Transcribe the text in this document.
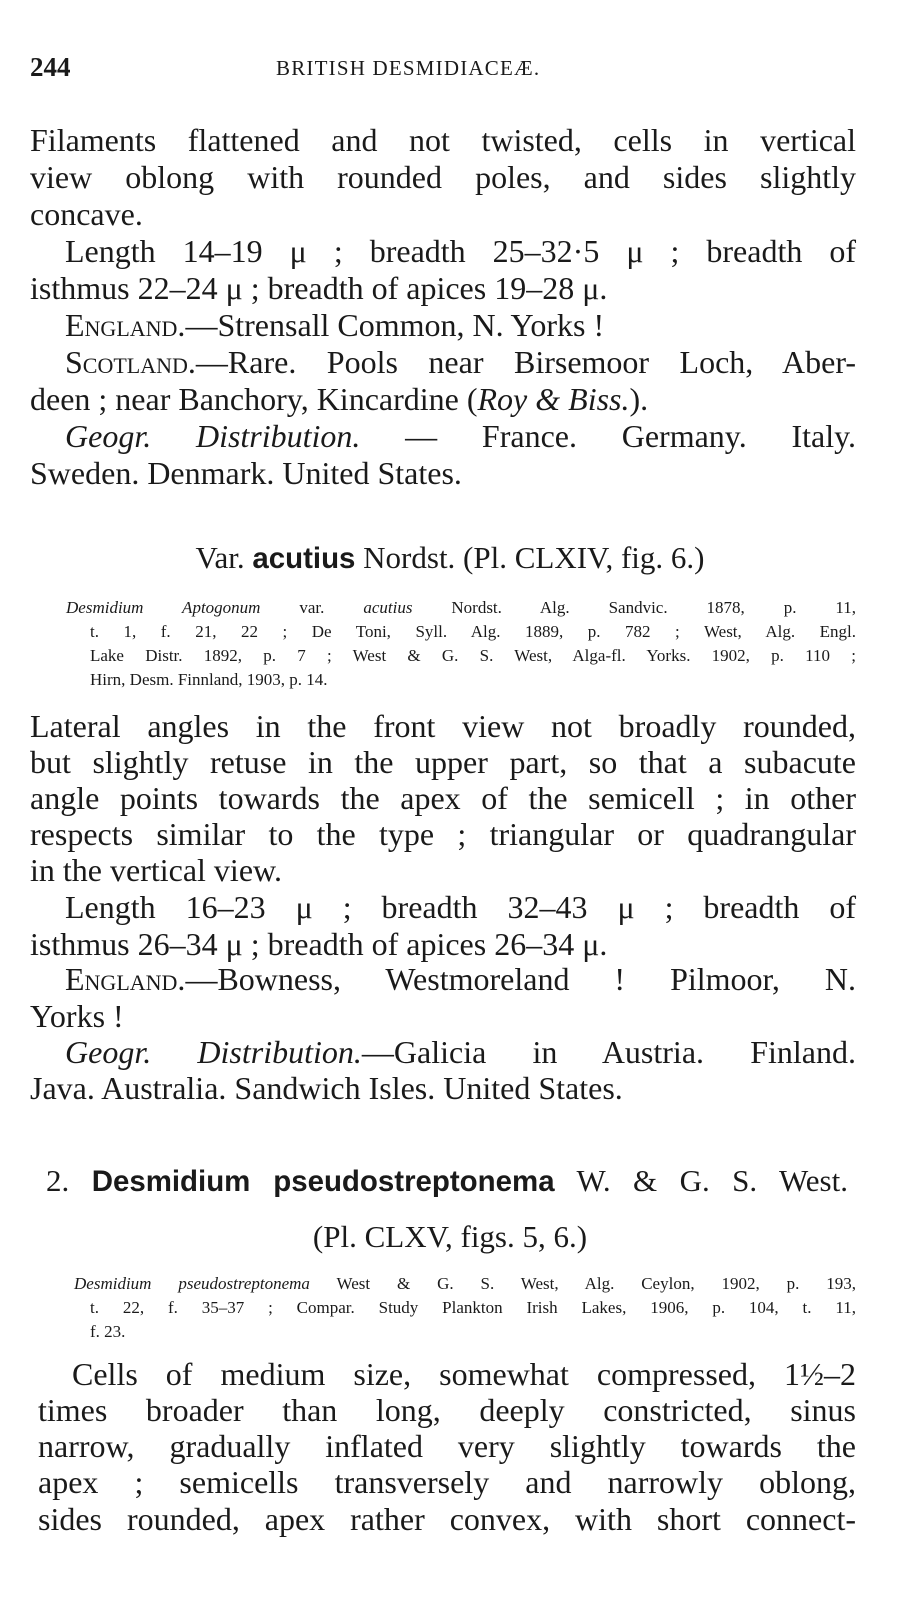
244	BRITISH DESMIDIACEÆ.
Filaments flattened and not twisted, cells in vertical
view oblong with rounded poles, and sides slightly
concave.
Length 14–19 μ ; breadth 25–32·5 μ ; breadth of
isthmus 22–24 μ ; breadth of apices 19–28 μ.
England.—Strensall Common, N. Yorks !
Scotland.—Rare. Pools near Birsemoor Loch, Aber-
deen ; near Banchory, Kincardine (Roy & Biss.).
Geogr. Distribution. — France. Germany. Italy.
Sweden. Denmark. United States.
Var. acutius Nordst. (Pl. CLXIV, fig. 6.)
Desmidium Aptogonum var. acutius Nordst. Alg. Sandvic. 1878, p. 11,
t. 1, f. 21, 22 ; De Toni, Syll. Alg. 1889, p. 782 ; West, Alg. Engl.
Lake Distr. 1892, p. 7 ; West & G. S. West, Alga-fl. Yorks. 1902, p. 110 ;
Hirn, Desm. Finnland, 1903, p. 14.
Lateral angles in the front view not broadly rounded,
but slightly retuse in the upper part, so that a subacute
angle points towards the apex of the semicell ; in other
respects similar to the type ; triangular or quadrangular
in the vertical view.
Length 16–23 μ ; breadth 32–43 μ ; breadth of
isthmus 26–34 μ ; breadth of apices 26–34 μ.
England.—Bowness, Westmoreland ! Pilmoor, N.
Yorks !
Geogr. Distribution.—Galicia in Austria. Finland.
Java. Australia. Sandwich Isles. United States.
2. Desmidium pseudostreptonema W. & G. S. West.
(Pl. CLXV, figs. 5, 6.)
Desmidium pseudostreptonema West & G. S. West, Alg. Ceylon, 1902, p. 193,
t. 22, f. 35–37 ; Compar. Study Plankton Irish Lakes, 1906, p. 104, t. 11,
f. 23.
Cells of medium size, somewhat compressed, 1½–2
times broader than long, deeply constricted, sinus
narrow, gradually inflated very slightly towards the
apex ; semicells transversely and narrowly oblong,
sides rounded, apex rather convex, with short connect-
